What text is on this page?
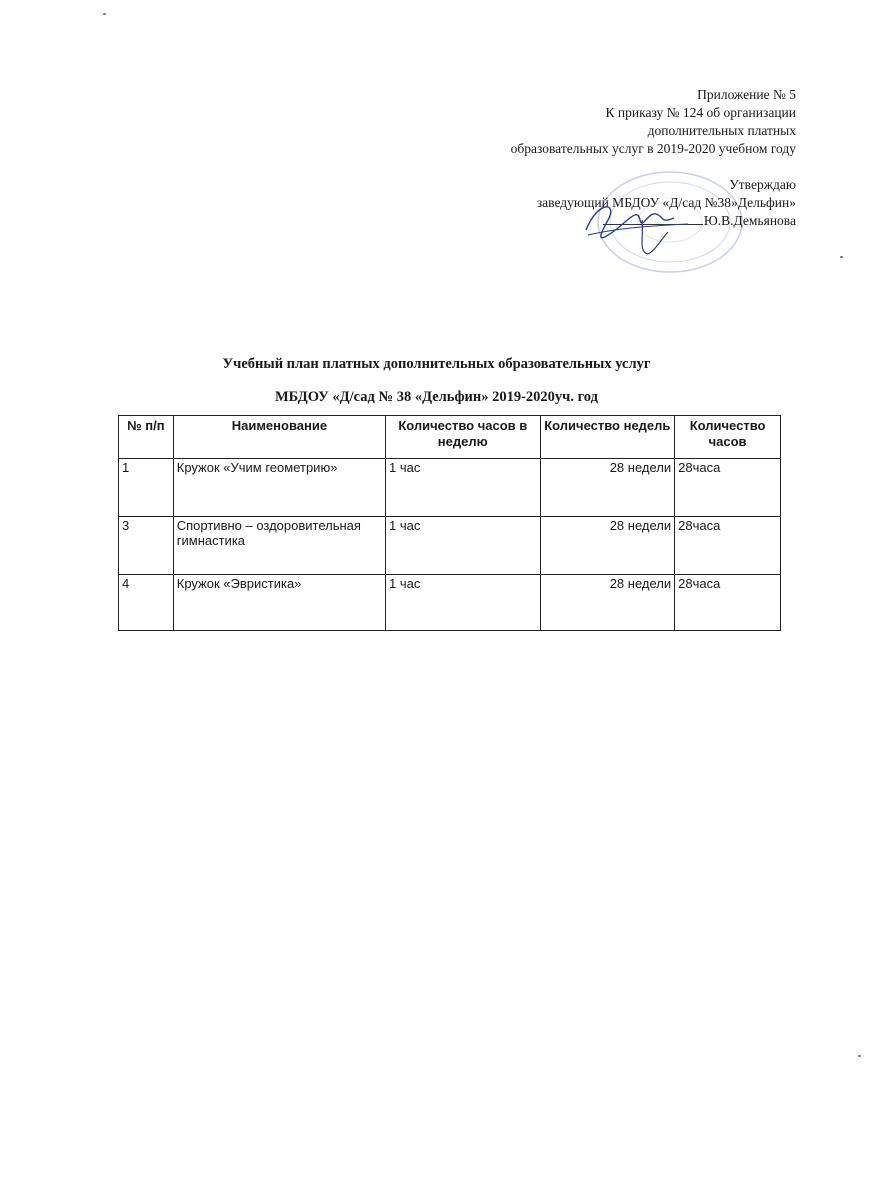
Приложение № 5
К приказу № 124 об организации
дополнительных платных
образовательных услуг в 2019-2020 учебном году
Утверждаю
заведующий МБДОУ «Д/сад №38»Дельфин»
Ю.В.Демьянова
Учебный план платных дополнительных образовательных услуг
МБДОУ «Д/сад № 38 «Дельфин» 2019-2020уч. год
№ п/п	Наименование	Количество часов в неделю	Количество недель	Количество часов
1	Кружок «Учим геометрию»	1 час	28 недели	28часа
3	Спортивно – оздоровительная гимнастика	1 час	28 недели	28часа
4	Кружок «Эвристика»	1 час	28 недели	28часа
